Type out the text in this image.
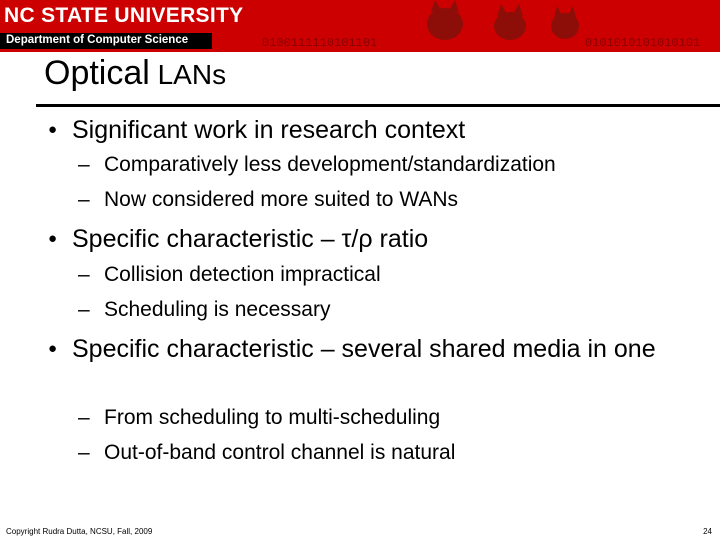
NC STATE UNIVERSITY
Department of Computer Science	0100111110101101	0101010101010101
Optical LANs
● Significant work in research context
– Comparatively less development/standardization
– Now considered more suited to WANs
● Specific characteristic – τ/ρ ratio
– Collision detection impractical
– Scheduling is necessary
● Specific characteristic – several shared media in one
– From scheduling to multi-scheduling
– Out-of-band control channel is natural
Copyright Rudra Dutta, NCSU, Fall, 2009	24
